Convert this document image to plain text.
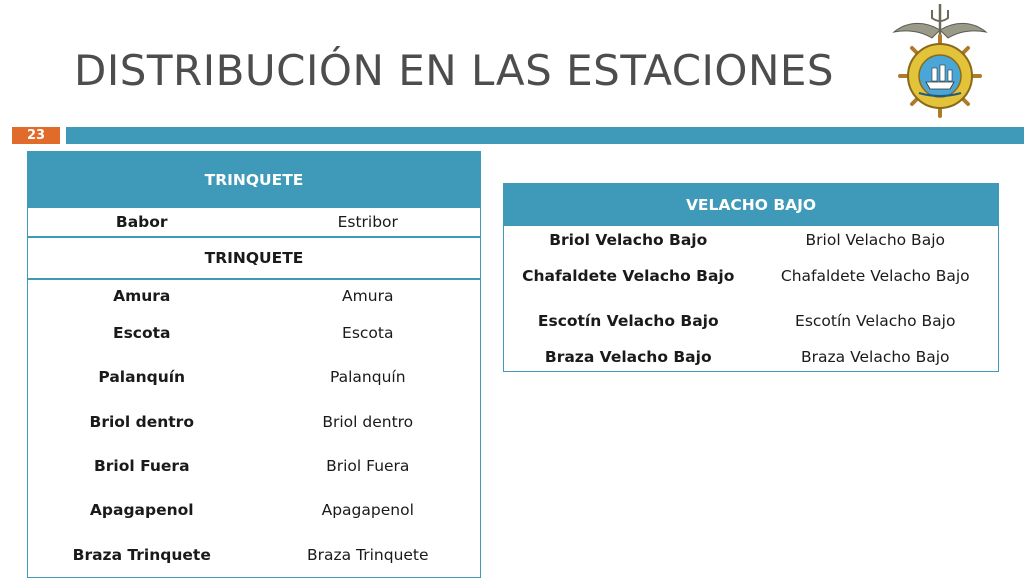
DISTRIBUCIÓN EN LAS ESTACIONES
23
TRINQUETE	
Babor	Estribor
TRINQUETE	
Amura	Amura
Escota	Escota
Palanquín	Palanquín
Briol dentro	Briol dentro
Briol Fuera	Briol Fuera
Apagapenol	Apagapenol
Braza Trinquete	Braza Trinquete
VELACHO BAJO	
Briol Velacho Bajo	Briol Velacho Bajo
Chafaldete Velacho Bajo	Chafaldete Velacho Bajo
Escotín Velacho Bajo	Escotín Velacho Bajo
Braza Velacho Bajo	Braza Velacho Bajo
